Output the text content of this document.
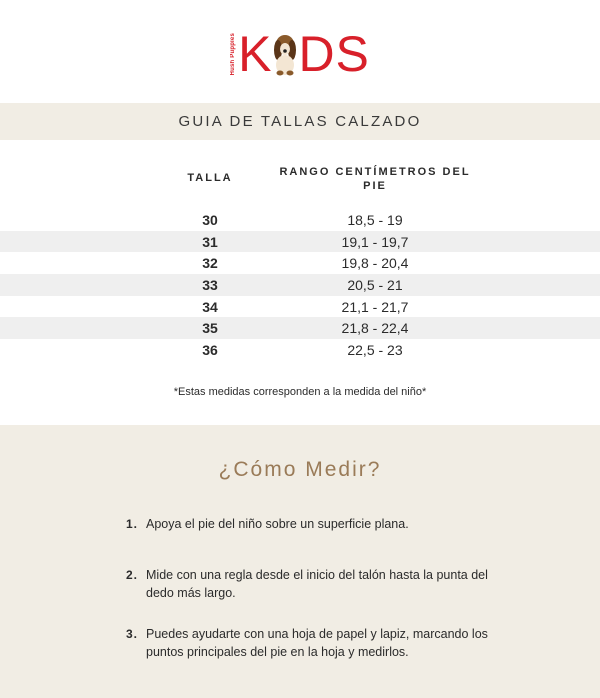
Hush Puppies K DS
GUIA DE TALLAS CALZADO
TALLA	RANGO CENTÍMETROS DEL PIE
30	18,5 - 19
31	19,1 - 19,7
32	19,8 - 20,4
33	20,5 - 21
34	21,1 - 21,7
35	21,8 - 22,4
36	22,5 - 23
*Estas medidas corresponden a la medida del niño*
¿Cómo Medir?
1. Apoya el pie del niño sobre un superficie plana.
2. Mide con una regla desde el inicio del talón hasta la punta del dedo más largo.
3. Puedes ayudarte con una hoja de papel y lapiz, marcando los puntos principales del pie en la hoja y medirlos.
